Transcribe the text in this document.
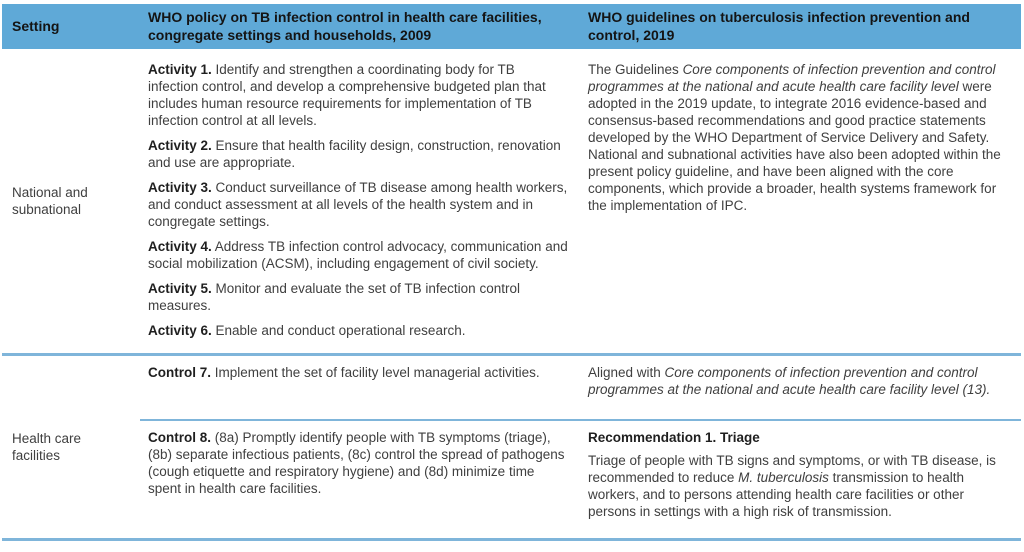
Setting
WHO policy on TB infection control in health care facilities, congregate settings and households, 2009
WHO guidelines on tuberculosis infection prevention and control, 2019
National and subnational

Activity 1. Identify and strengthen a coordinating body for TB infection control, and develop a comprehensive budgeted plan that includes human resource requirements for implementation of TB infection control at all levels.

Activity 2. Ensure that health facility design, construction, renovation and use are appropriate.

Activity 3. Conduct surveillance of TB disease among health workers, and conduct assessment at all levels of the health system and in congregate settings.

Activity 4. Address TB infection control advocacy, communication and social mobilization (ACSM), including engagement of civil society.

Activity 5. Monitor and evaluate the set of TB infection control measures.

Activity 6. Enable and conduct operational research.

The Guidelines Core components of infection prevention and control programmes at the national and acute health care facility level were adopted in the 2019 update, to integrate 2016 evidence-based and consensus-based recommendations and good practice statements developed by the WHO Department of Service Delivery and Safety. National and subnational activities have also been adopted within the present policy guideline, and have been aligned with the core components, which provide a broader, health systems framework for the implementation of IPC.

Health care facilities

Control 7. Implement the set of facility level managerial activities.	Aligned with Core components of infection prevention and control programmes at the national and acute health care facility level (13).

Control 8. (8a) Promptly identify people with TB symptoms (triage), (8b) separate infectious patients, (8c) control the spread of pathogens (cough etiquette and respiratory hygiene) and (8d) minimize time spent in health care facilities.

Recommendation 1. Triage

Triage of people with TB signs and symptoms, or with TB disease, is recommended to reduce M. tuberculosis transmission to health workers, and to persons attending health care facilities or other persons in settings with a high risk of transmission.
